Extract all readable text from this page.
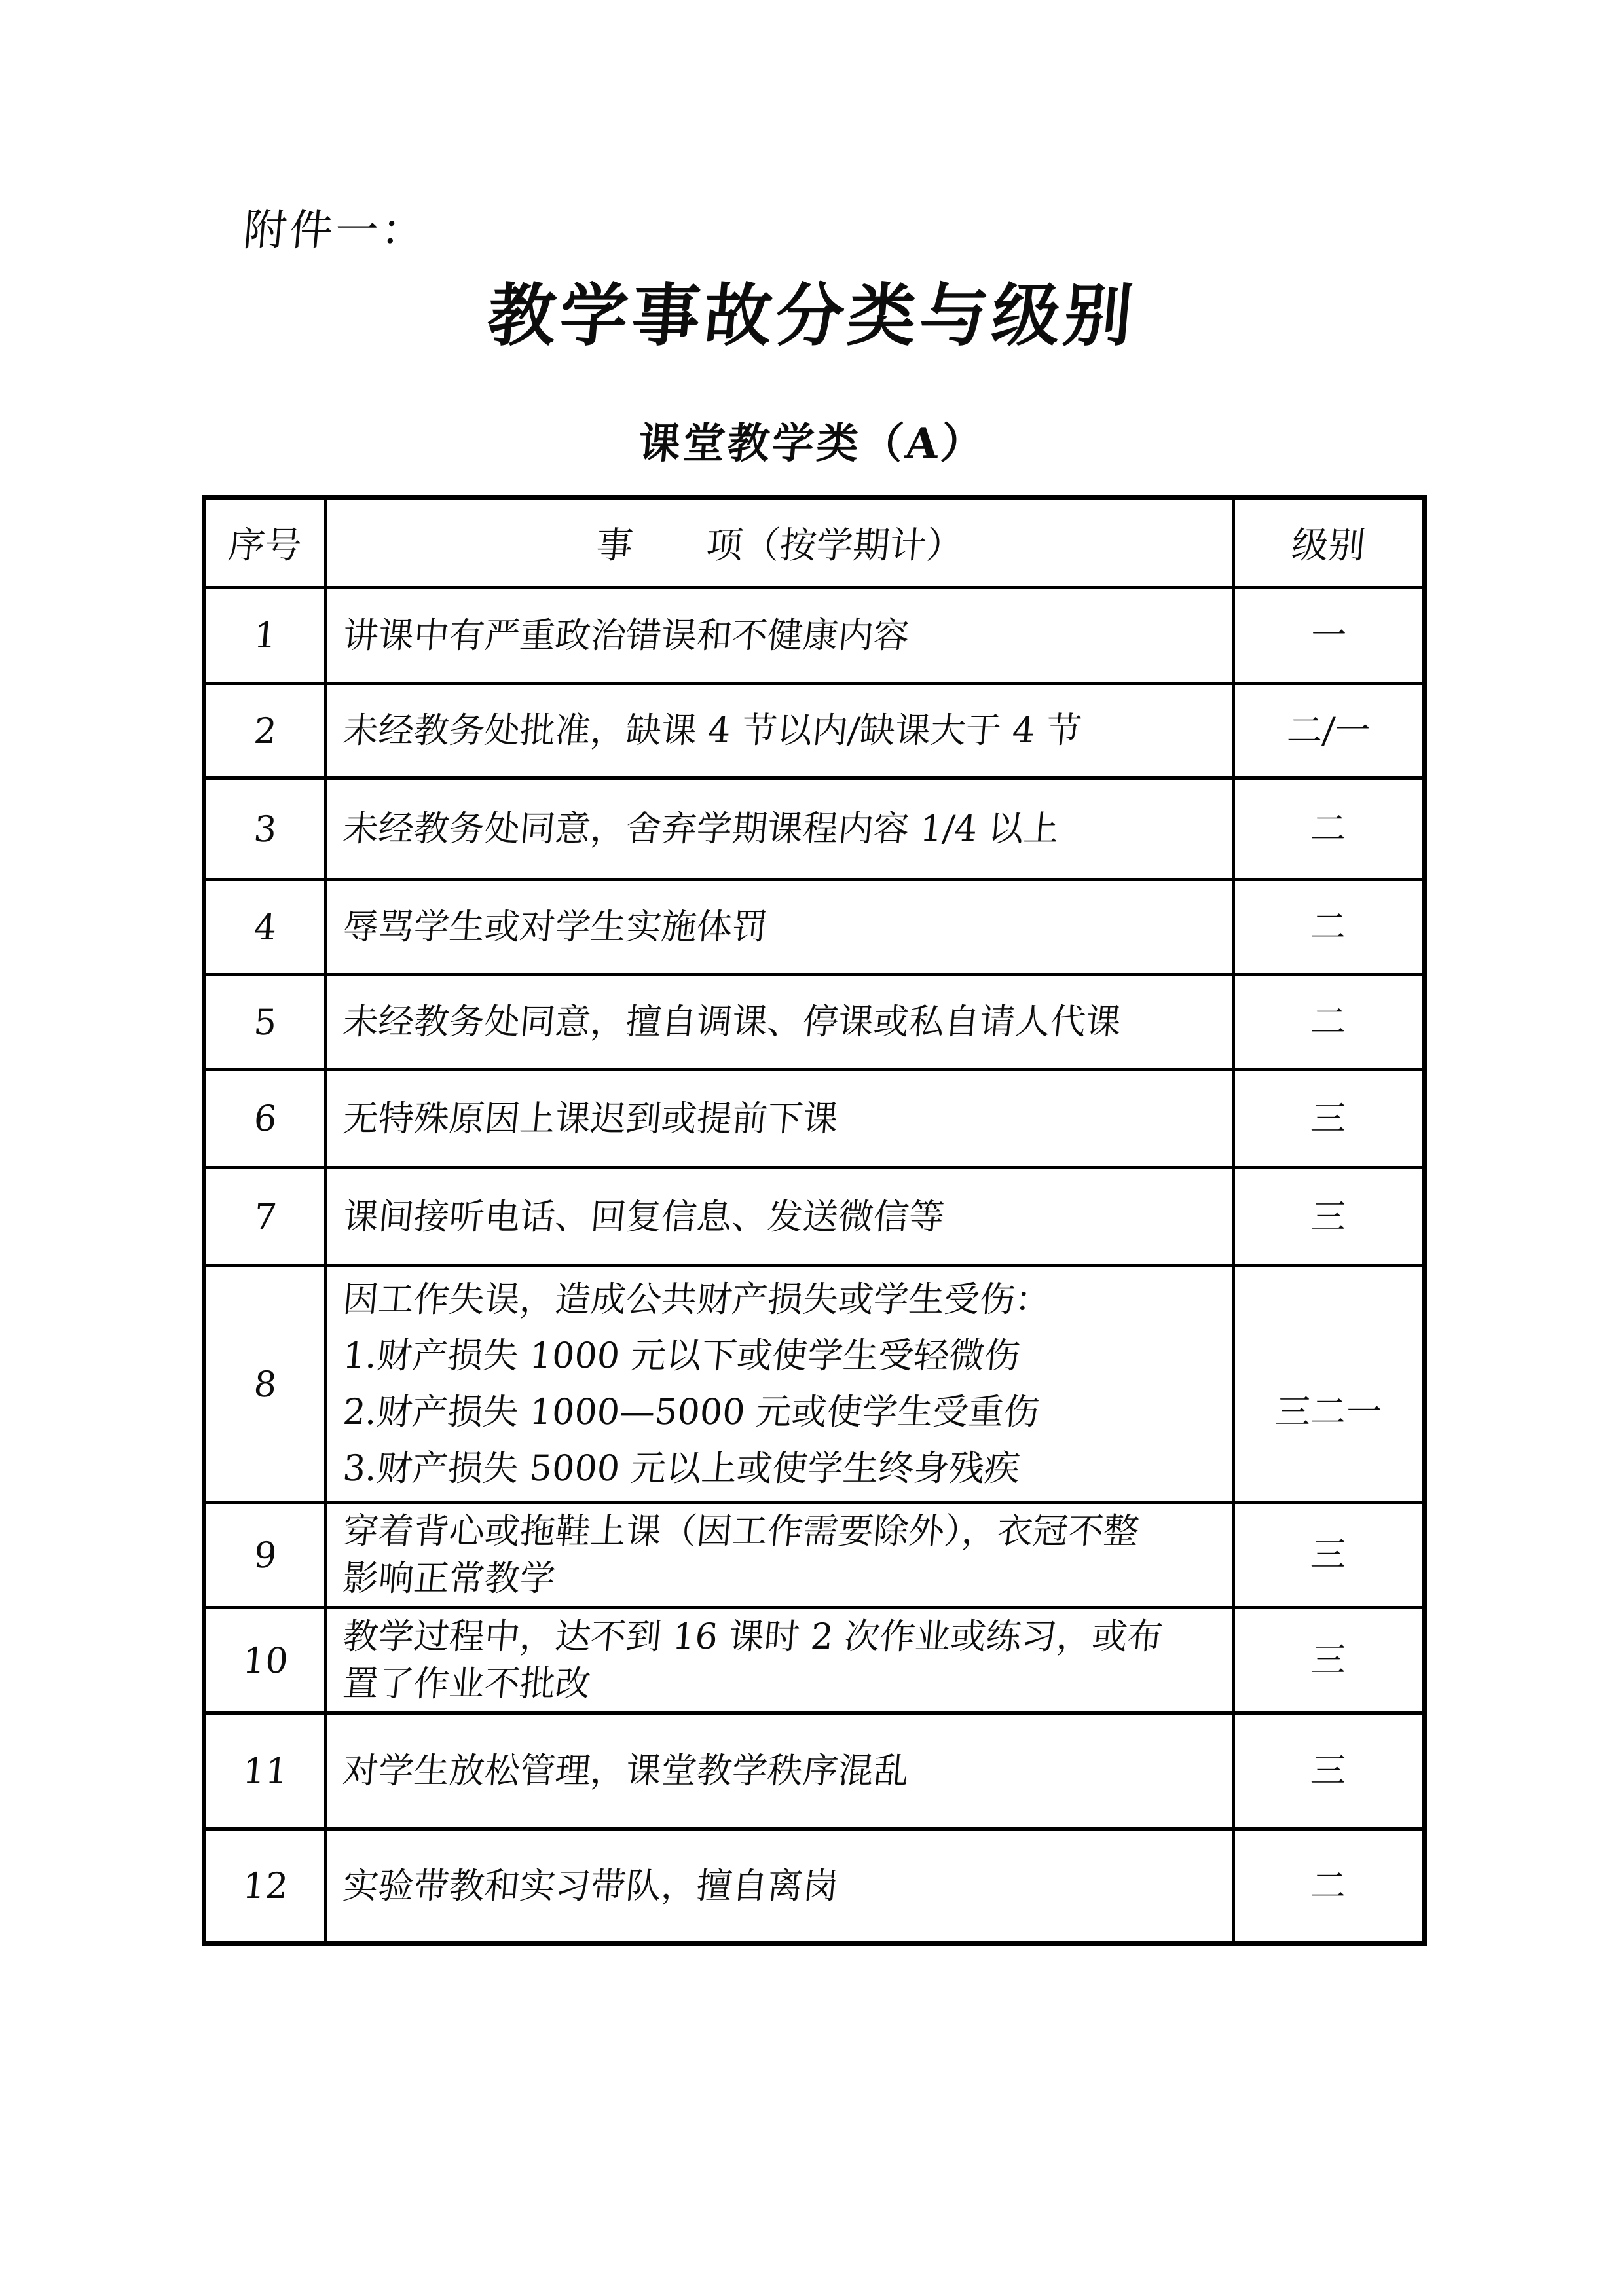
附件一：
教学事故分类与级别
课堂教学类（A）
序号	事　　项（按学期计）	级别
1	讲课中有严重政治错误和不健康内容	一

2	未经教务处批准，缺课 4 节以内/缺课大于 4 节	二/一

3	未经教务处同意，舍弃学期课程内容 1/4 以上	二

4	辱骂学生或对学生实施体罚	二

5	未经教务处同意，擅自调课、停课或私自请人代课	二

6	无特殊原因上课迟到或提前下课	三

7	课间接听电话、回复信息、发送微信等	三

8	因工作失误，造成公共财产损失或学生受伤：1.财产损失 1000 元以下或使学生受轻微伤2.财产损失 1000—5000 元或使学生受重伤3.财产损失 5000 元以上或使学生终身残疾	三二一

9	穿着背心或拖鞋上课（因工作需要除外），衣冠不整影响正常教学	三

10	教学过程中，达不到 16 课时 2 次作业或练习，或布置了作业不批改	三

11	对学生放松管理，课堂教学秩序混乱	三

12	实验带教和实习带队，擅自离岗	二
